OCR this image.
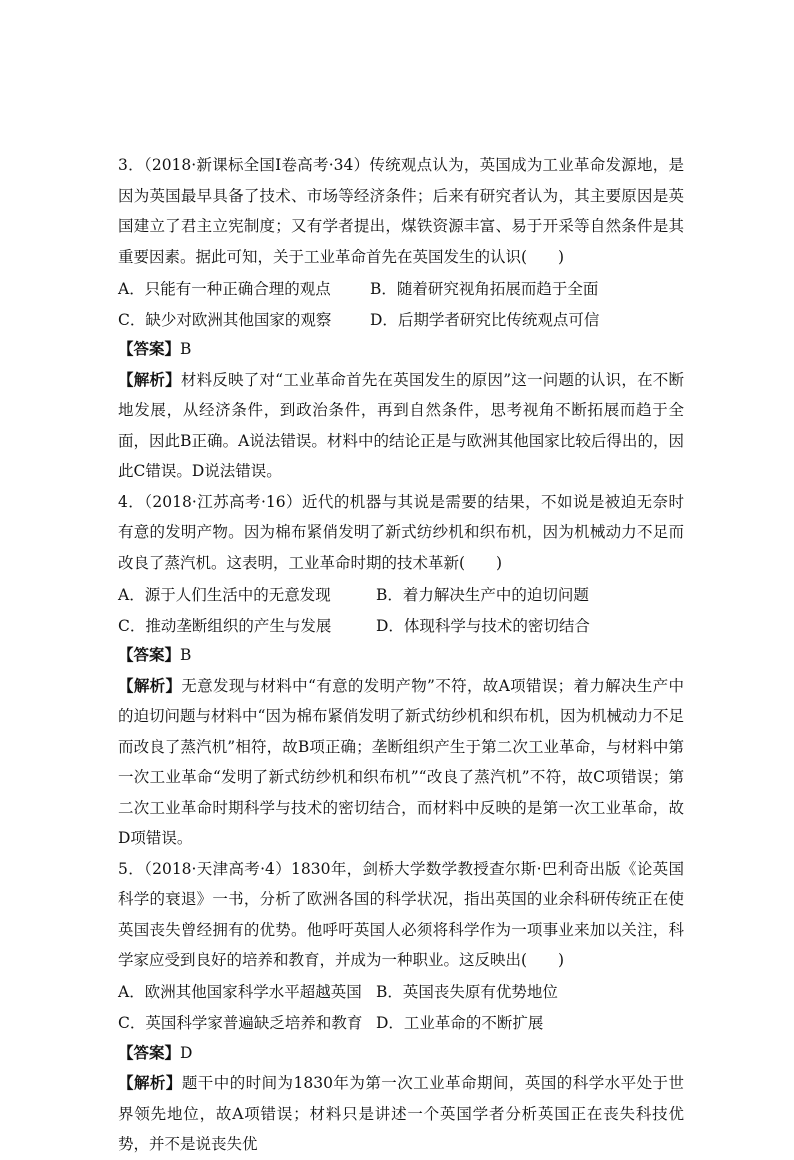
3．（2018·新课标全国Ⅰ卷高考·34）传统观点认为，英国成为工业革命发源地，是因为英国最早具备了技术、市场等经济条件；后来有研究者认为，其主要原因是英国建立了君主立宪制度；又有学者提出，煤铁资源丰富、易于开采等自然条件是其重要因素。据此可知，关于工业革命首先在英国发生的认识(　　)

A．只能有一种正确合理的观点	B．随着研究视角拓展而趋于全面
C．缺少对欧洲其他国家的观察	D．后期学者研究比传统观点可信

【答案】B

【解析】材料反映了对“工业革命首先在英国发生的原因”这一问题的认识，在不断地发展，从经济条件，到政治条件，再到自然条件，思考视角不断拓展而趋于全面，因此B正确。A说法错误。材料中的结论正是与欧洲其他国家比较后得出的，因此C错误。D说法错误。

4．（2018·江苏高考·16）近代的机器与其说是需要的结果，不如说是被迫无奈时有意的发明产物。因为棉布紧俏发明了新式纺纱机和织布机，因为机械动力不足而改良了蒸汽机。这表明，工业革命时期的技术革新(　　)

A．源于人们生活中的无意发现	B．着力解决生产中的迫切问题
C．推动垄断组织的产生与发展	D．体现科学与技术的密切结合

【答案】B

【解析】无意发现与材料中“有意的发明产物”不符，故A项错误；着力解决生产中的迫切问题与材料中“因为棉布紧俏发明了新式纺纱机和织布机，因为机械动力不足而改良了蒸汽机”相符，故B项正确；垄断组织产生于第二次工业革命，与材料中第一次工业革命“发明了新式纺纱机和织布机”“改良了蒸汽机”不符，故C项错误；第二次工业革命时期科学与技术的密切结合，而材料中反映的是第一次工业革命，故D项错误。

5．（2018·天津高考·4）1830年，剑桥大学数学教授查尔斯·巴利奇出版《论英国科学的衰退》一书，分析了欧洲各国的科学状况，指出英国的业余科研传统正在使英国丧失曾经拥有的优势。他呼吁英国人必须将科学作为一项事业来加以关注，科学家应受到良好的培养和教育，并成为一种职业。这反映出(　　)

A．欧洲其他国家科学水平超越英国 B．英国丧失原有优势地位
C．英国科学家普遍缺乏培养和教育 D．工业革命的不断扩展

【答案】D

【解析】题干中的时间为1830年为第一次工业革命期间，英国的科学水平处于世界领先地位，故A项错误；材料只是讲述一个英国学者分析英国正在丧失科技优势，并不是说丧失优
